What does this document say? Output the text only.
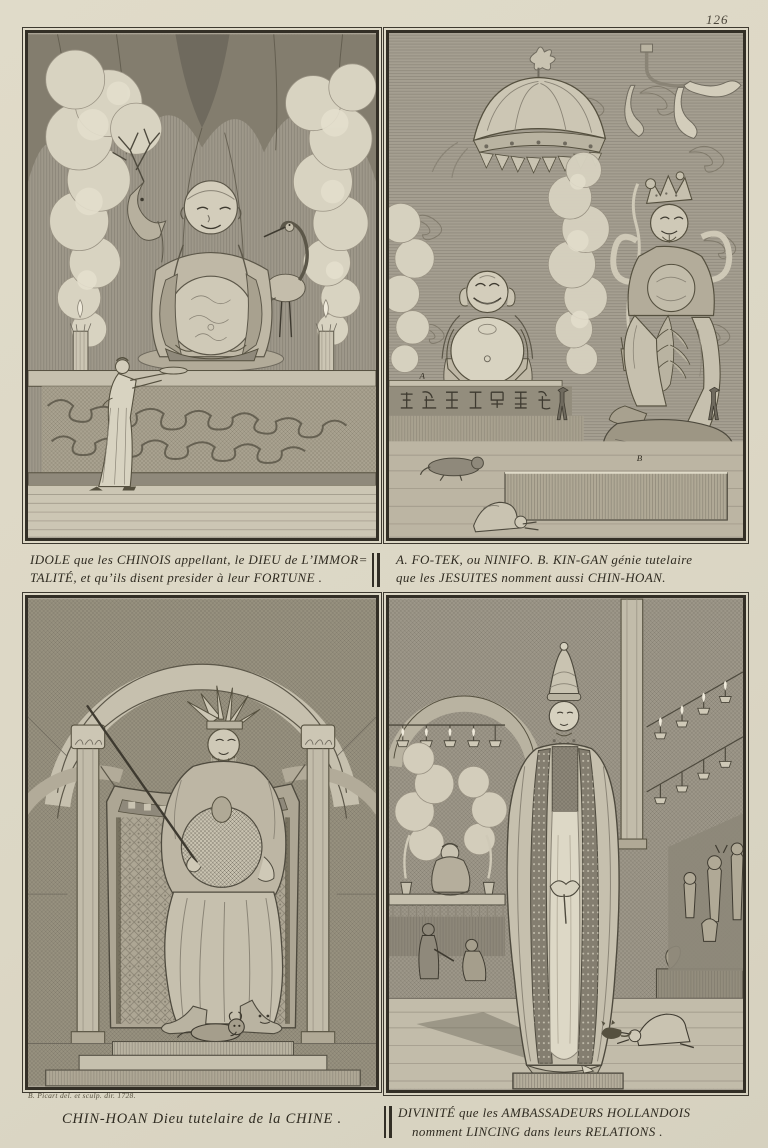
126
A
B
IDOLE que les CHINOIS appellant, le DIEU de L’IMMOR=
TALITÉ, et qu’ils disent presider à leur FORTUNE .
A. FO-TEK, ou NINIFO. B. KIN-GAN génie tutelaire
que les JESUITES nomment aussi CHIN-HOAN.
B. Picart del. et sculp. dir. 1728.
CHIN-HOAN Dieu tutelaire de la CHINE .	DIVINITÉ que les AMBASSADEURS HOLLANDOIS
nomment LINCING dans leurs RELATIONS .
